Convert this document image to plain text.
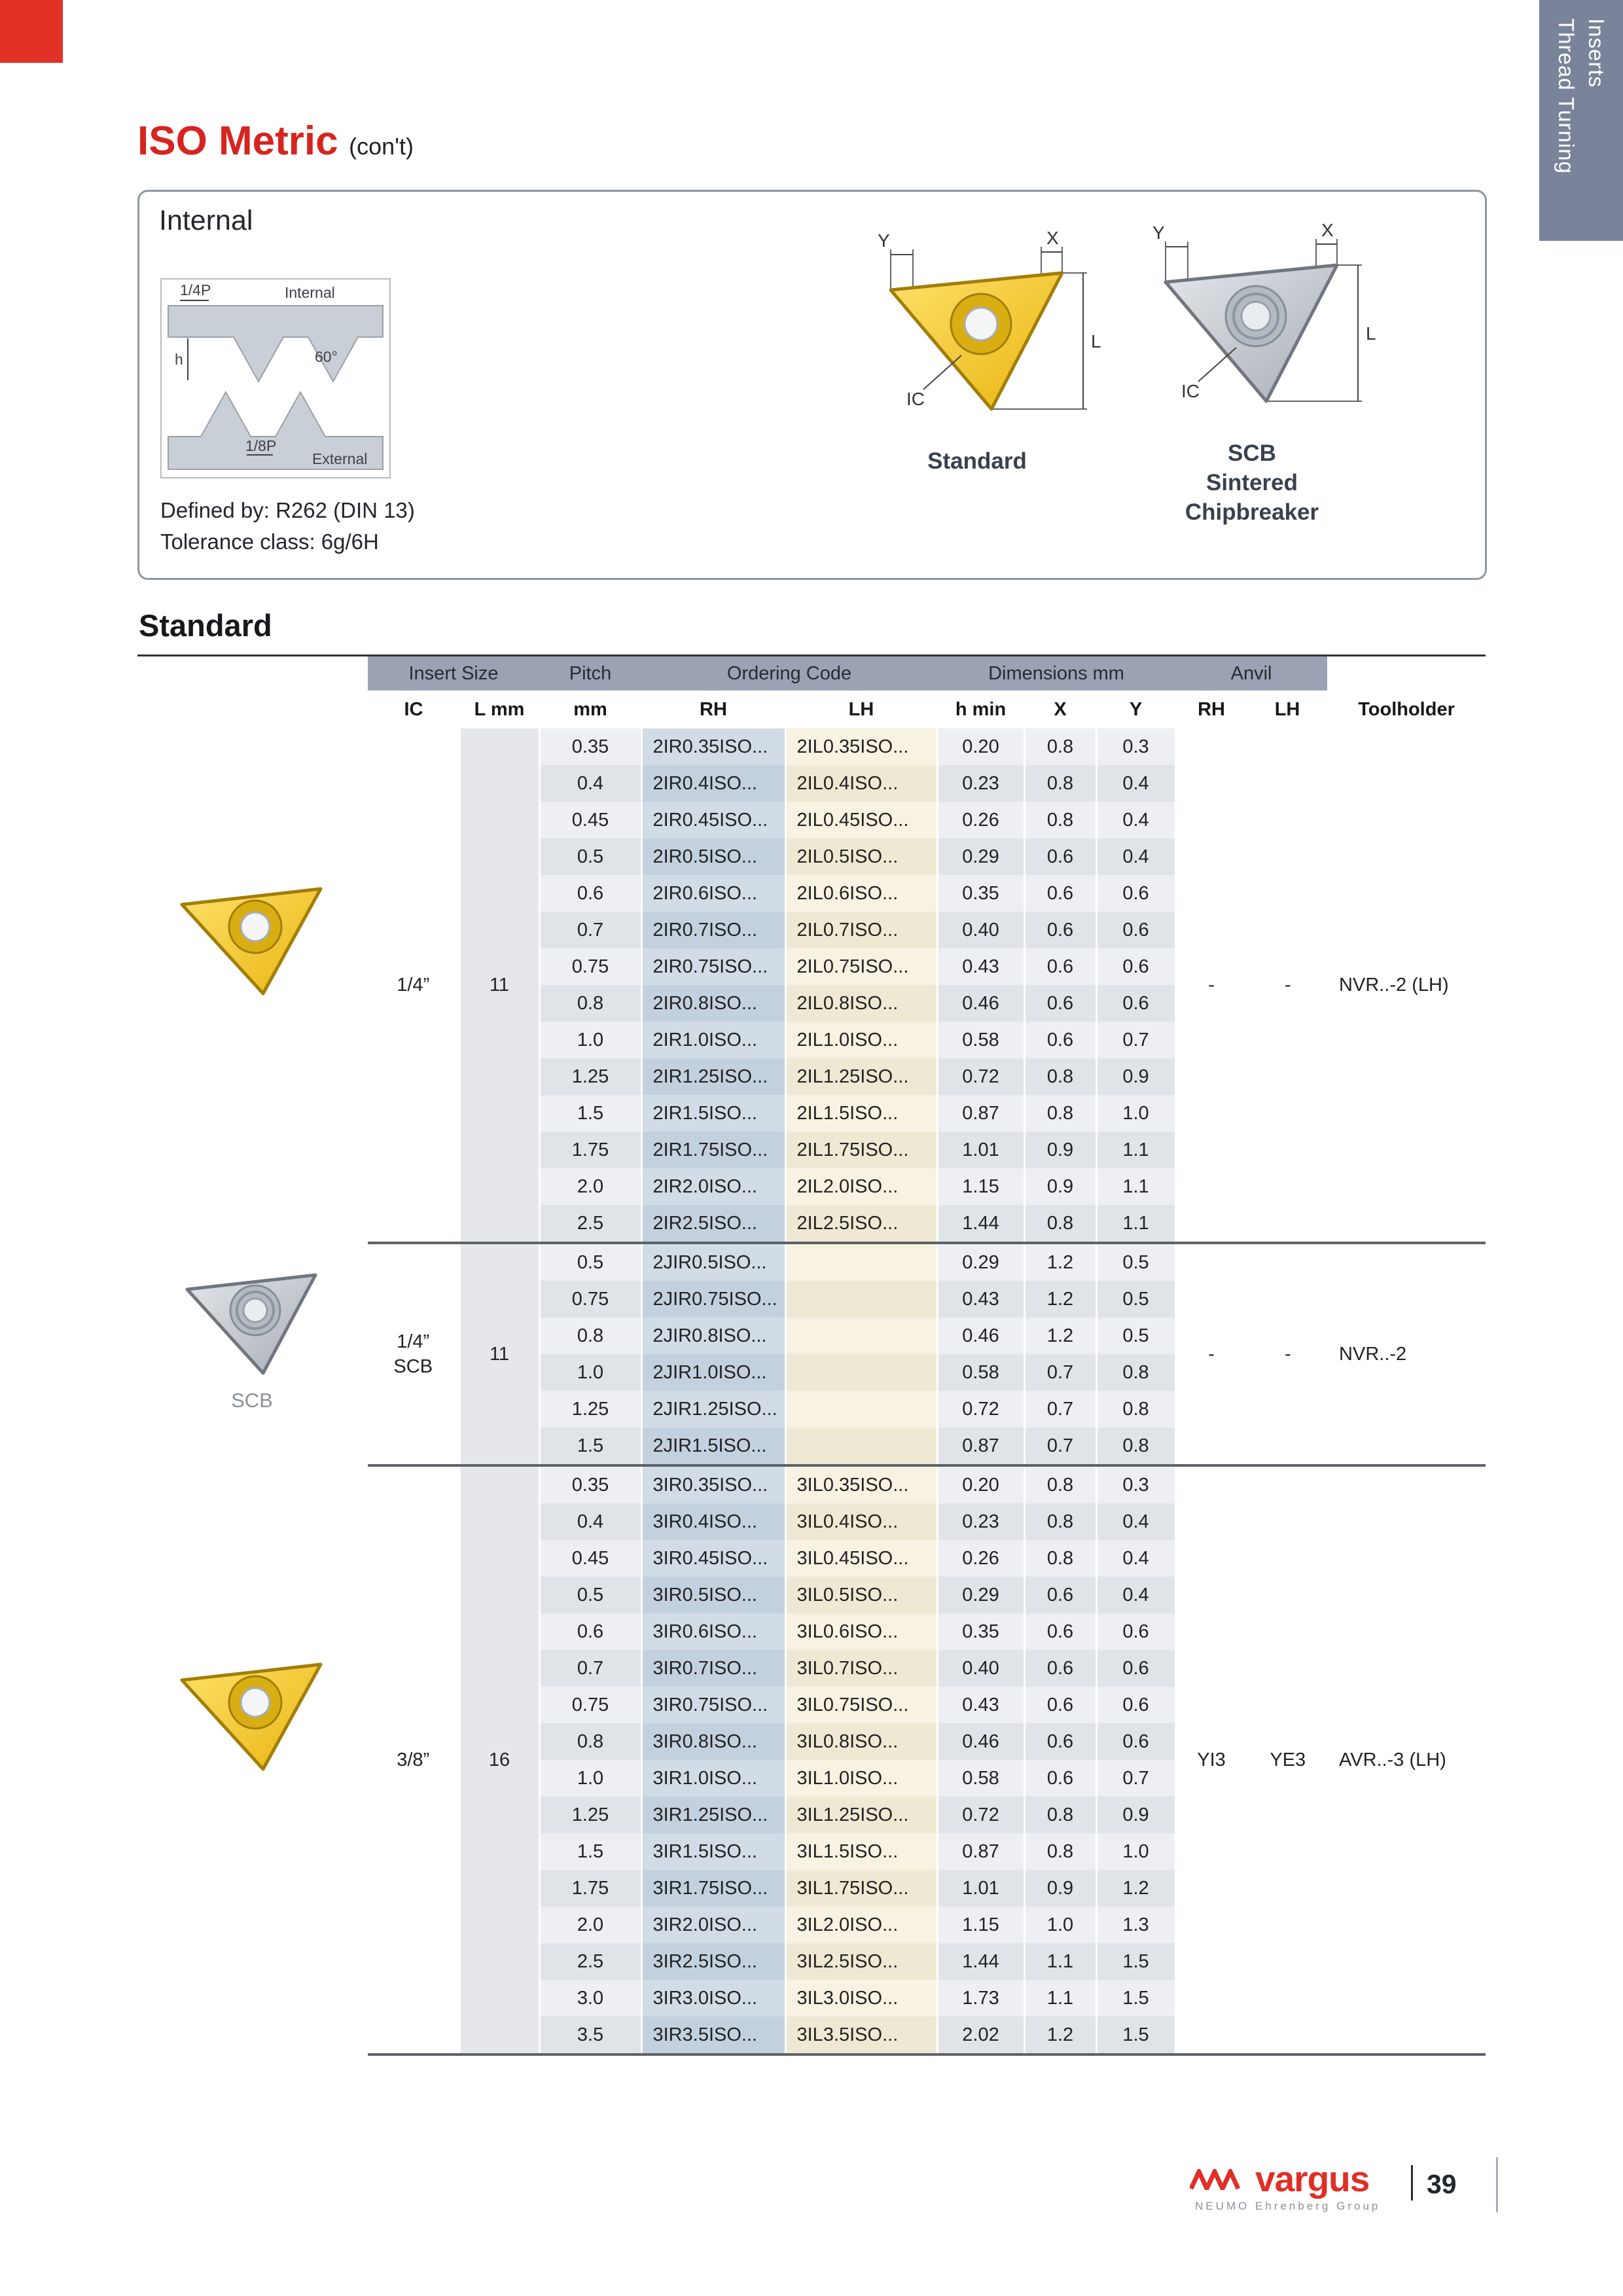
Thread Turning Inserts
ISO Metric (con't)
Internal
1/4P	Internal
60°
h
1/8P
External
Defined by: R262 (DIN 13)
Tolerance class: 6g/6H
Y	X
L
IC
Standard
Y	X
L
IC
SCB
Sintered
Chipbreaker
Standard
SCB
Insert Size		Pitch	Ordering Code		Dimensions mm			Anvil		
IC	L mm	mm	RH	LH	h min	X	Y	RH	LH	Toolholder

1/4”	11	0.35	2IR0.35ISO...	2IL0.35ISO...	0.20	0.8	0.3	-	-	NVR..-2 (LH)
		0.4	2IR0.4ISO...	2IL0.4ISO...	0.23	0.8	0.4			
		0.45	2IR0.45ISO...	2IL0.45ISO...	0.26	0.8	0.4			
		0.5	2IR0.5ISO...	2IL0.5ISO...	0.29	0.6	0.4			
		0.6	2IR0.6ISO...	2IL0.6ISO...	0.35	0.6	0.6			
		0.7	2IR0.7ISO...	2IL0.7ISO...	0.40	0.6	0.6			
		0.75	2IR0.75ISO...	2IL0.75ISO...	0.43	0.6	0.6			
		0.8	2IR0.8ISO...	2IL0.8ISO...	0.46	0.6	0.6			
		1.0	2IR1.0ISO...	2IL1.0ISO...	0.58	0.6	0.7			
		1.25	2IR1.25ISO...	2IL1.25ISO...	0.72	0.8	0.9			
		1.5	2IR1.5ISO...	2IL1.5ISO...	0.87	0.8	1.0			
		1.75	2IR1.75ISO...	2IL1.75ISO...	1.01	0.9	1.1			
		2.0	2IR2.0ISO...	2IL2.0ISO...	1.15	0.9	1.1			
		2.5	2IR2.5ISO...	2IL2.5ISO...	1.44	0.8	1.1			

1/4”
SCB	11	0.5	2JIR0.5ISO...		0.29	1.2	0.5	-	-	NVR..-2
		0.75	2JIR0.75ISO...		0.43	1.2	0.5			
		0.8	2JIR0.8ISO...		0.46	1.2	0.5			
		1.0	2JIR1.0ISO...		0.58	0.7	0.8			
		1.25	2JIR1.25ISO...		0.72	0.7	0.8			
		1.5	2JIR1.5ISO...		0.87	0.7	0.8			

3/8”	16	0.35	3IR0.35ISO...	3IL0.35ISO...	0.20	0.8	0.3	YI3	YE3	AVR..-3 (LH)
		0.4	3IR0.4ISO...	3IL0.4ISO...	0.23	0.8	0.4			
		0.45	3IR0.45ISO...	3IL0.45ISO...	0.26	0.8	0.4			
		0.5	3IR0.5ISO...	3IL0.5ISO...	0.29	0.6	0.4			
		0.6	3IR0.6ISO...	3IL0.6ISO...	0.35	0.6	0.6			
		0.7	3IR0.7ISO...	3IL0.7ISO...	0.40	0.6	0.6			
		0.75	3IR0.75ISO...	3IL0.75ISO...	0.43	0.6	0.6			
		0.8	3IR0.8ISO...	3IL0.8ISO...	0.46	0.6	0.6			
		1.0	3IR1.0ISO...	3IL1.0ISO...	0.58	0.6	0.7			
		1.25	3IR1.25ISO...	3IL1.25ISO...	0.72	0.8	0.9			
		1.5	3IR1.5ISO...	3IL1.5ISO...	0.87	0.8	1.0			
		1.75	3IR1.75ISO...	3IL1.75ISO...	1.01	0.9	1.2			
		2.0	3IR2.0ISO...	3IL2.0ISO...	1.15	1.0	1.3			
		2.5	3IR2.5ISO...	3IL2.5ISO...	1.44	1.1	1.5			
		3.0	3IR3.0ISO...	3IL3.0ISO...	1.73	1.1	1.5			
		3.5	3IR3.5ISO...	3IL3.5ISO...	2.02	1.2	1.5			

vargus
NEUMO Ehrenberg Group
39
